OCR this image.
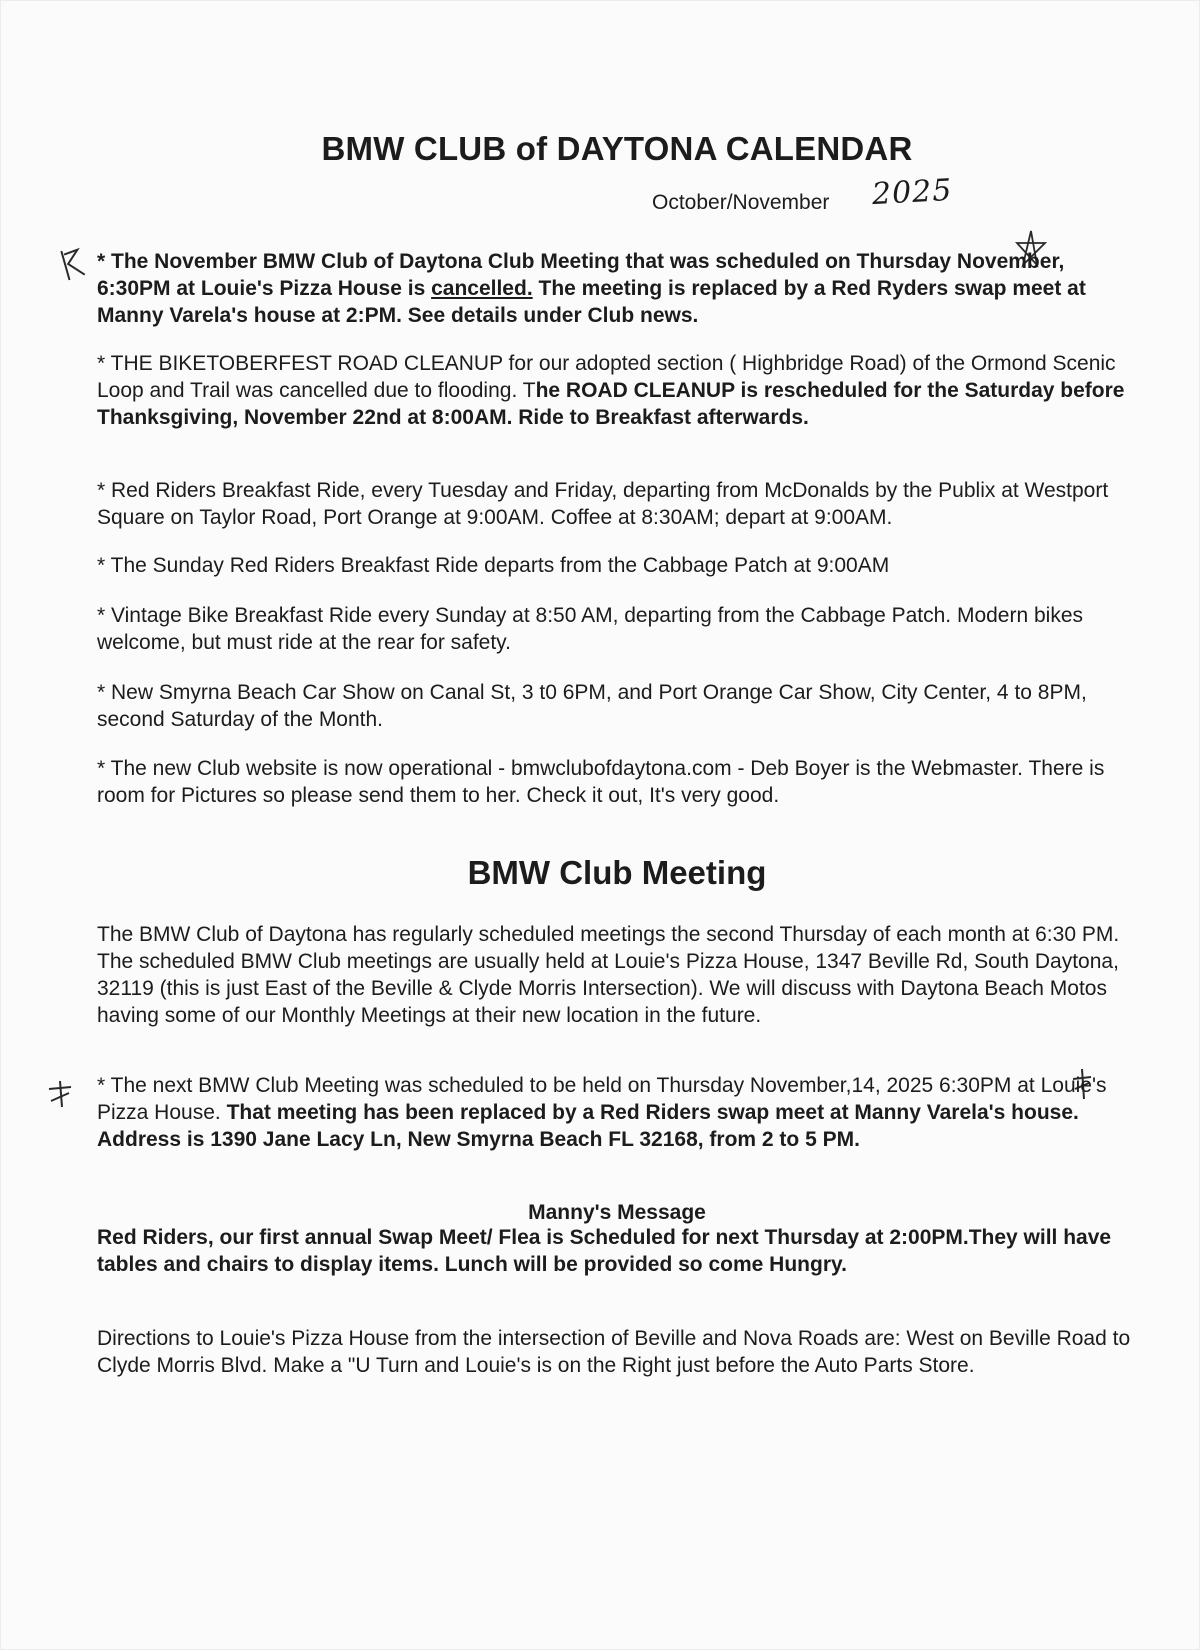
BMW CLUB of DAYTONA CALENDAR
October/November 2025

* The November BMW Club of Daytona Club Meeting that was scheduled on Thursday November, 6:30PM at Louie's Pizza House is cancelled. The meeting is replaced by a Red Ryders swap meet at Manny Varela's house at 2:PM. See details under Club news.

* THE BIKETOBERFEST ROAD CLEANUP for our adopted section ( Highbridge Road) of the Ormond Scenic Loop and Trail was cancelled due to flooding. The ROAD CLEANUP is rescheduled for the Saturday before Thanksgiving, November 22nd at 8:00AM. Ride to Breakfast afterwards.

* Red Riders Breakfast Ride, every Tuesday and Friday, departing from McDonalds by the Publix at Westport Square on Taylor Road, Port Orange at 9:00AM. Coffee at 8:30AM; depart at 9:00AM.

* The Sunday Red Riders Breakfast Ride departs from the Cabbage Patch at 9:00AM

* Vintage Bike Breakfast Ride every Sunday at 8:50 AM, departing from the Cabbage Patch. Modern bikes welcome, but must ride at the rear for safety.

* New Smyrna Beach Car Show on Canal St, 3 t0 6PM, and Port Orange Car Show, City Center, 4 to 8PM, second Saturday of the Month.

* The new Club website is now operational - bmwclubofdaytona.com - Deb Boyer is the Webmaster. There is room for Pictures so please send them to her. Check it out, It's very good.

BMW Club Meeting

The BMW Club of Daytona has regularly scheduled meetings the second Thursday of each month at 6:30 PM. The scheduled BMW Club meetings are usually held at Louie's Pizza House, 1347 Beville Rd, South Daytona, 32119 (this is just East of the Beville & Clyde Morris Intersection). We will discuss with Daytona Beach Motos having some of our Monthly Meetings at their new location in the future.

* The next BMW Club Meeting was scheduled to be held on Thursday November,14, 2025 6:30PM at Louie's Pizza House. That meeting has been replaced by a Red Riders swap meet at Manny Varela's house. Address is 1390 Jane Lacy Ln, New Smyrna Beach FL 32168, from 2 to 5 PM.

Manny's Message

Red Riders, our first annual Swap Meet/ Flea is Scheduled for next Thursday at 2:00PM.They will have tables and chairs to display items. Lunch will be provided so come Hungry.

Directions to Louie's Pizza House from the intersection of Beville and Nova Roads are: West on Beville Road to Clyde Morris Blvd. Make a "U Turn and Louie's is on the Right just before the Auto Parts Store.
